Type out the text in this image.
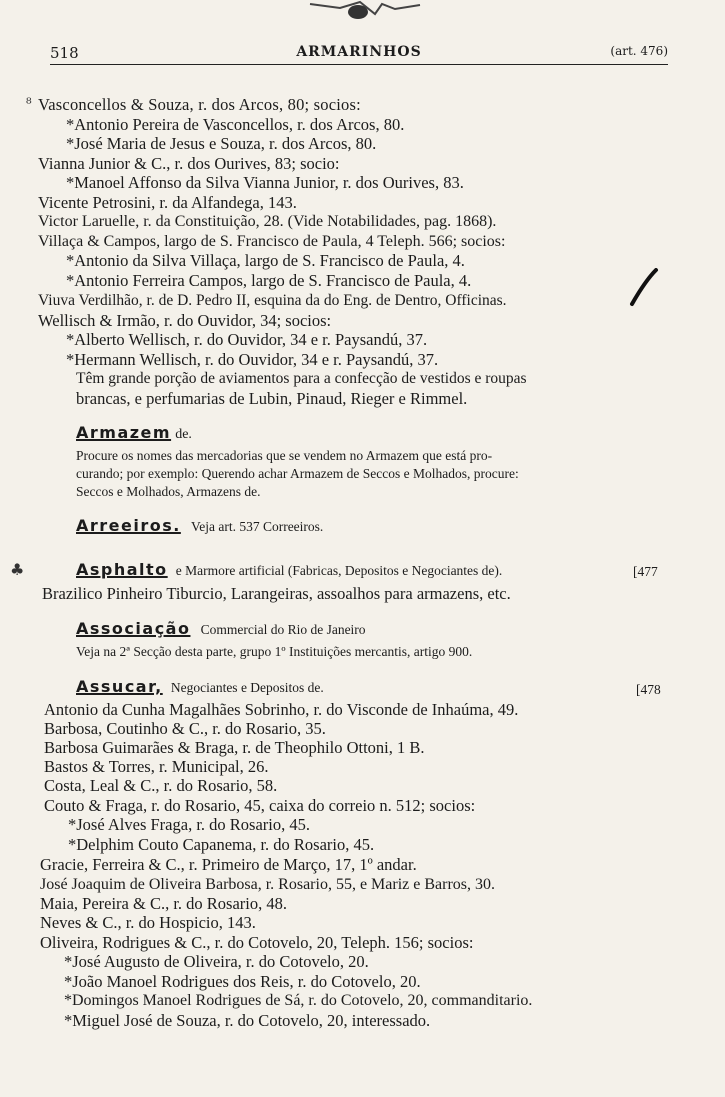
518	ARMARINHOS	(art. 476)
⁸ Vasconcellos & Souza, r. dos Arcos, 80; socios:
*Antonio Pereira de Vasconcellos, r. dos Arcos, 80.
*José Maria de Jesus e Souza, r. dos Arcos, 80.
Vianna Junior & C., r. dos Ourives, 83; socio:
*Manoel Affonso da Silva Vianna Junior, r. dos Ourives, 83.
Vicente Petrosini, r. da Alfandega, 143.
Victor Laruelle, r. da Constituição, 28. (Vide Notabilidades, pag. 1868).
Villaça & Campos, largo de S. Francisco de Paula, 4 Teleph. 566; socios:
*Antonio da Silva Villaça, largo de S. Francisco de Paula, 4.
*Antonio Ferreira Campos, largo de S. Francisco de Paula, 4.
Viuva Verdilhão, r. de D. Pedro II, esquina da do Eng. de Dentro, Officinas.
Wellisch & Irmão, r. do Ouvidor, 34; socios:
*Alberto Wellisch, r. do Ouvidor, 34 e r. Paysandú, 37.
*Hermann Wellisch, r. do Ouvidor, 34 e r. Paysandú, 37.
Têm grande porção de aviamentos para a confecção de vestidos e roupas
brancas, e perfumarias de Lubin, Pinaud, Rieger e Rimmel.
Armazem de.
Procure os nomes das mercadorias que se vendem no Armazem que está pro-
curando; por exemplo: Querendo achar Armazem de Seccos e Molhados, procure:
Seccos e Molhados, Armazens de.
Arreeiros. Veja art. 537 Correeiros.
♣	Asphalto e Marmore artificial (Fabricas, Depositos e Negociantes de).	[477
Brazilico Pinheiro Tiburcio, Larangeiras, assoalhos para armazens, etc.
Associação Commercial do Rio de Janeiro
Veja na 2ª Secção desta parte, grupo 1º Instituições mercantis, artigo 900.
Assucar, Negociantes e Depositos de.	[478
Antonio da Cunha Magalhães Sobrinho, r. do Visconde de Inhaúma, 49.
Barbosa, Coutinho & C., r. do Rosario, 35.
Barbosa Guimarães & Braga, r. de Theophilo Ottoni, 1 B.
Bastos & Torres, r. Municipal, 26.
Costa, Leal & C., r. do Rosario, 58.
Couto & Fraga, r. do Rosario, 45, caixa do correio n. 512; socios:
*José Alves Fraga, r. do Rosario, 45.
*Delphim Couto Capanema, r. do Rosario, 45.
Gracie, Ferreira & C., r. Primeiro de Março, 17, 1º andar.
José Joaquim de Oliveira Barbosa, r. Rosario, 55, e Mariz e Barros, 30.
Maia, Pereira & C., r. do Rosario, 48.
Neves & C., r. do Hospicio, 143.
Oliveira, Rodrigues & C., r. do Cotovelo, 20, Teleph. 156; socios:
*José Augusto de Oliveira, r. do Cotovelo, 20.
*João Manoel Rodrigues dos Reis, r. do Cotovelo, 20.
*Domingos Manoel Rodrigues de Sá, r. do Cotovelo, 20, commanditario.
*Miguel José de Souza, r. do Cotovelo, 20, interessado.
